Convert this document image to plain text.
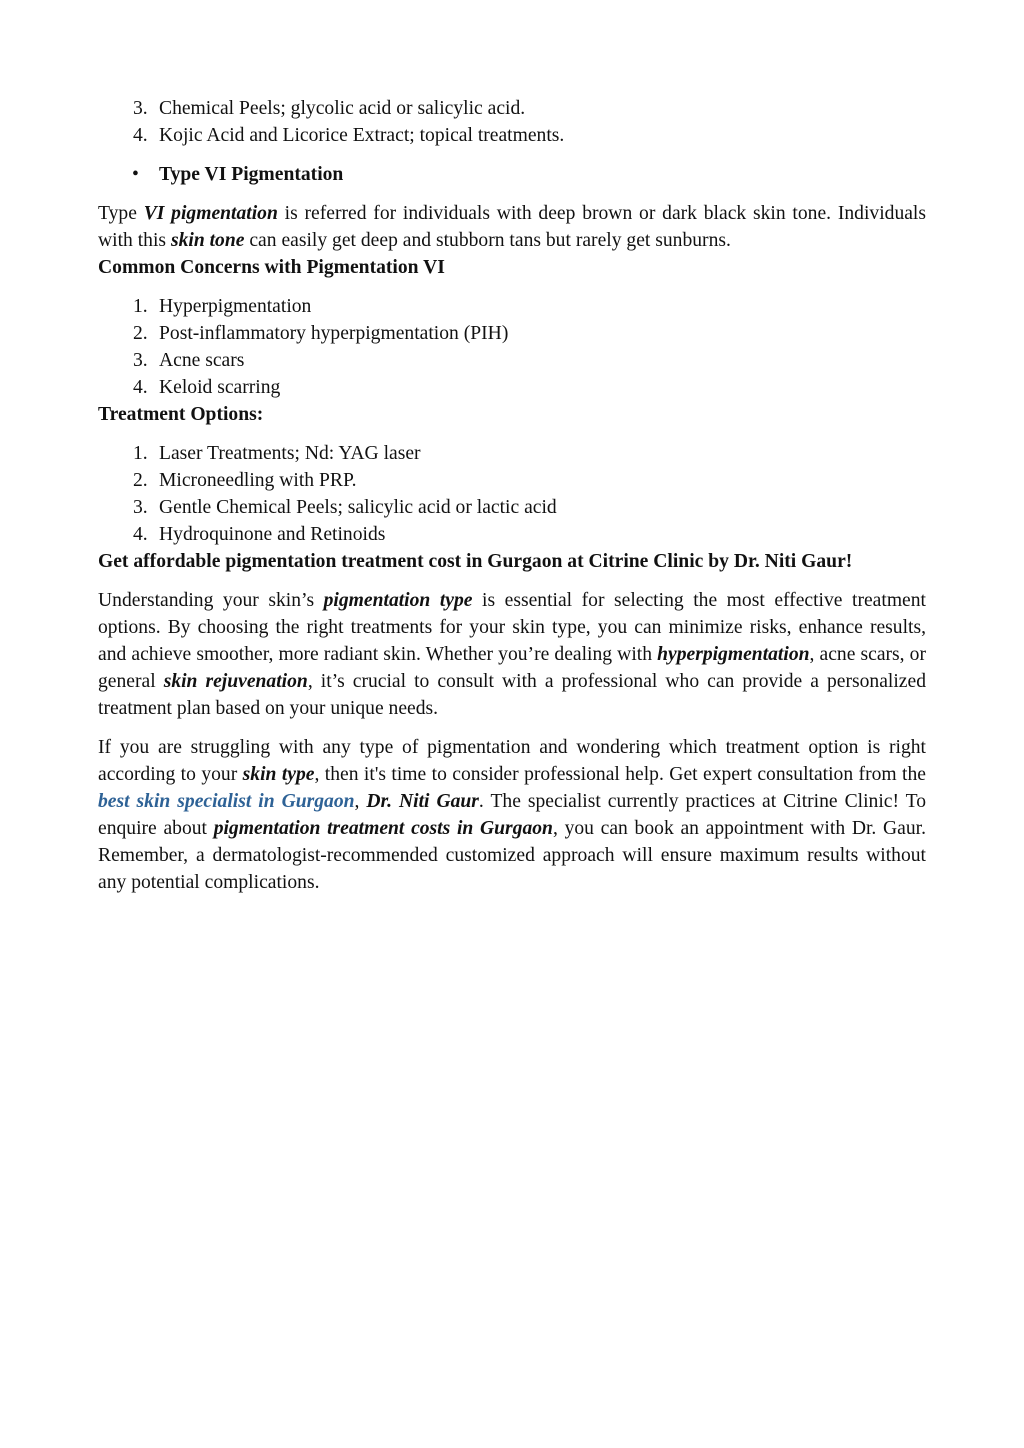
3. Chemical Peels; glycolic acid or salicylic acid.
4. Kojic Acid and Licorice Extract; topical treatments.
• Type VI Pigmentation

Type VI pigmentation is referred for individuals with deep brown or dark black skin tone. Individuals with this skin tone can easily get deep and stubborn tans but rarely get sunburns.

Common Concerns with Pigmentation VI

1. Hyperpigmentation
2. Post-inflammatory hyperpigmentation (PIH)
3. Acne scars
4. Keloid scarring

Treatment Options:

1. Laser Treatments; Nd: YAG laser
2. Microneedling with PRP.
3. Gentle Chemical Peels; salicylic acid or lactic acid
4. Hydroquinone and Retinoids

Get affordable pigmentation treatment cost in Gurgaon at Citrine Clinic by Dr. Niti Gaur!

Understanding your skin’s pigmentation type is essential for selecting the most effective treatment options. By choosing the right treatments for your skin type, you can minimize risks, enhance results, and achieve smoother, more radiant skin. Whether you’re dealing with hyperpigmentation, acne scars, or general skin rejuvenation, it’s crucial to consult with a professional who can provide a personalized treatment plan based on your unique needs.

If you are struggling with any type of pigmentation and wondering which treatment option is right according to your skin type, then it's time to consider professional help. Get expert consultation from the best skin specialist in Gurgaon, Dr. Niti Gaur. The specialist currently practices at Citrine Clinic! To enquire about pigmentation treatment costs in Gurgaon, you can book an appointment with Dr. Gaur. Remember, a dermatologist-recommended customized approach will ensure maximum results without any potential complications.
